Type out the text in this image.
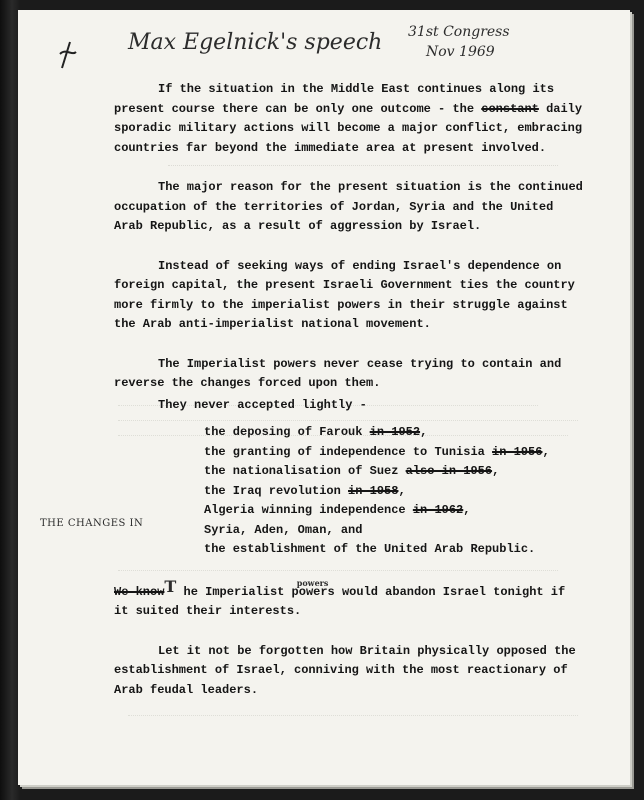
Max Egelnick's speech 31st Congress
Nov 1969
THE CHANGES IN

If the situation in the Middle East continues along its present course there can be only one outcome - the constant daily sporadic military actions will become a major conflict, embracing countries far beyond the immediate area at present involved.

The major reason for the present situation is the continued occupation of the territories of Jordan, Syria and the United Arab Republic, as a result of aggression by Israel.

Instead of seeking ways of ending Israel's dependence on foreign capital, the present Israeli Government ties the country more firmly to the imperialist powers in their struggle against the Arab anti-imperialist national movement.

The Imperialist powers never cease trying to contain and reverse the changes forced upon them.

They never accepted lightly -

the deposing of Farouk in 1952,
the granting of independence to Tunisia in 1956,
the nationalisation of Suez also in 1956,
the Iraq revolution in 1958,
Algeria winning independence in 1962,
Syria, Aden, Oman, and
the establishment of the United Arab Republic.

We knowT he Imperialist p
powers
owers would abandon Israel tonight if it suited their interests.

Let it not be forgotten how Britain physically opposed the establishment of Israel, conniving with the most reactionary of Arab feudal leaders.
